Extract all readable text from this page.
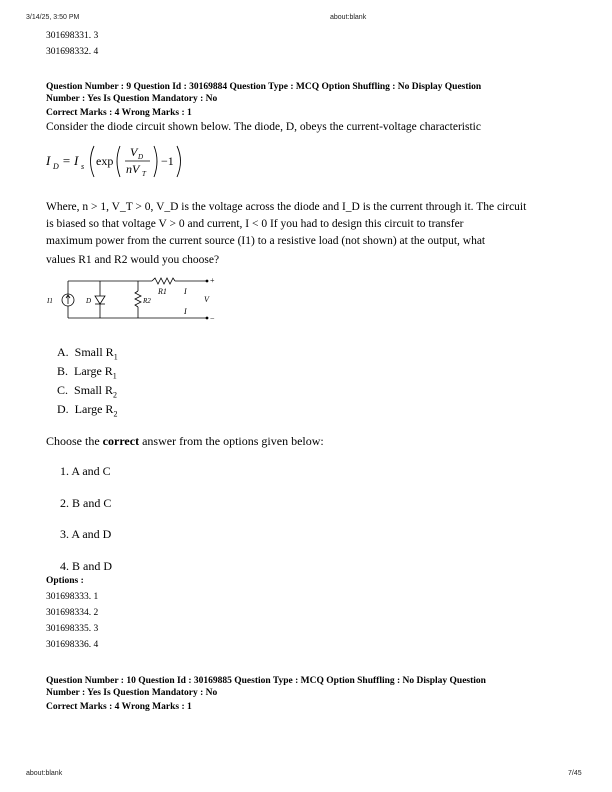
3/14/25, 3:50 PM	about:blank
301698331. 3
301698332. 4
Question Number : 9 Question Id : 30169884 Question Type : MCQ Option Shuffling : No Display Question
Number : Yes Is Question Mandatory : No
Correct Marks : 4 Wrong Marks : 1
Consider the diode circuit shown below. The diode, D, obeys the current-voltage characteristic
I D = I s exp
V D
nV T
−1
Where, n > 1, V_T > 0, V_D is the voltage across the diode and I_D is the current through it. The circuit
is biased so that voltage V > 0 and current, I < 0 If you had to design this circuit to transfer
maximum power from the current source (I1) to a resistive load (not shown) at the output, what
values R1 and R2 would you choose?
+
R1 I
V
−
I
I1	D	R2
A. Small $R_1$
B. Large $R_1$
C. Small $R_2$
D. Large $R_2$
Choose the correct answer from the options given below:
1. A and C
2. B and C
3. A and D
4. B and D
Options :
301698333. 1
301698334. 2
301698335. 3
301698336. 4
Question Number : 10 Question Id : 30169885 Question Type : MCQ Option Shuffling : No Display Question
Number : Yes Is Question Mandatory : No
Correct Marks : 4 Wrong Marks : 1
about:blank	7/45
